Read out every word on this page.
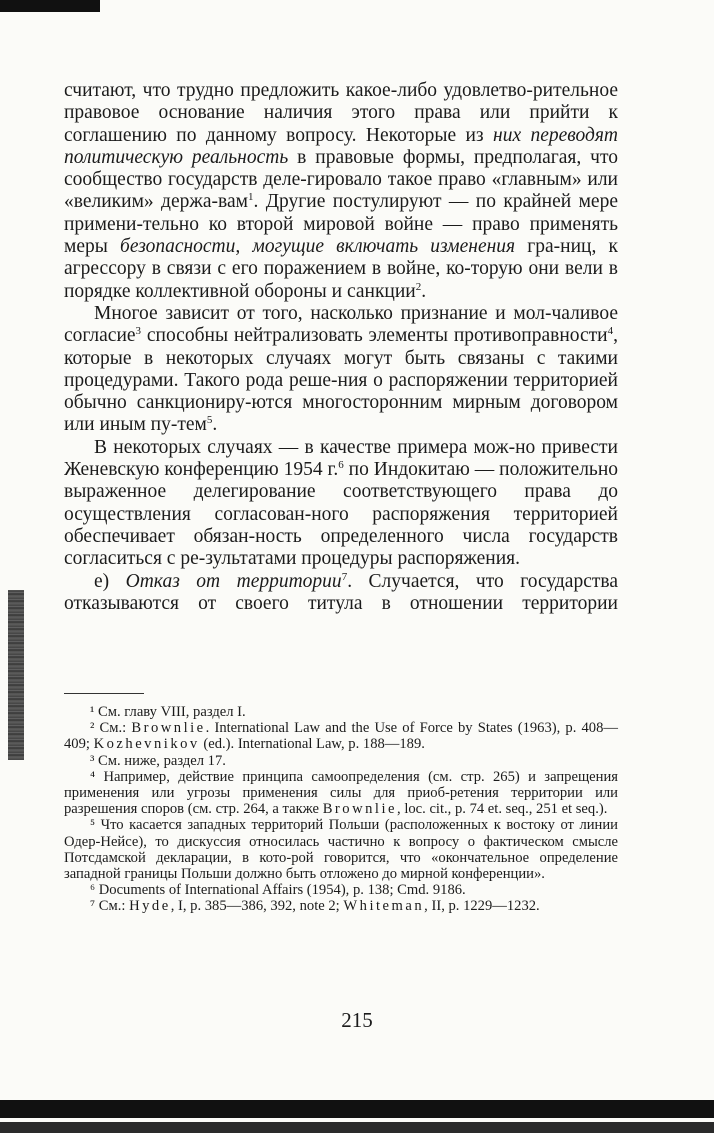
считают, что трудно предложить какое-либо удовлетво-рительное правовое основание наличия этого права или прийти к соглашению по данному вопросу. Некоторые из них переводят политическую реальность в правовые формы, предполагая, что сообщество государств деле-гировало такое право «главным» или «великим» держа-вам$^1$. Другие постулируют — по крайней мере примени-тельно ко второй мировой войне — право применять меры безопасности, могущие включать изменения гра-ниц, к агрессору в связи с его поражением в войне, ко-торую они вели в порядке коллективной обороны и санкции$^2$.

Многое зависит от того, насколько признание и мол-чаливое согласие$^3$ способны нейтрализовать элементы противоправности$^4$, которые в некоторых случаях могут быть связаны с такими процедурами. Такого рода реше-ния о распоряжении территорией обычно санкциониру-ются многосторонним мирным договором или иным пу-тем$^5$.

В некоторых случаях — в качестве примера мож-но привести Женевскую конференцию 1954 г.$^6$ по Индокитаю — положительно выраженное делегирование соответствующего права до осуществления согласован-ного распоряжения территорией обеспечивает обязан-ность определенного числа государств согласиться с ре-зультатами процедуры распоряжения.

е) Отказ от территории$^7$. Случается, что государства отказываются от своего титула в отношении территории

¹ См. главу VIII, раздел I.

² См.: Brownlie. International Law and the Use of Force by States (1963), p. 408—409; Kozhevnikov (ed.). International Law, p. 188—189.

³ См. ниже, раздел 17.

⁴ Например, действие принципа самоопределения (см. стр. 265) и запрещения применения или угрозы применения силы для приоб-ретения территории или разрешения споров (см. стр. 264, а также Brownlie, loc. cit., p. 74 et. seq., 251 et seq.).

⁵ Что касается западных территорий Польши (расположенных к востоку от линии Одер-Нейсе), то дискуссия относилась частично к вопросу о фактическом смысле Потсдамской декларации, в кото-рой говорится, что «окончательное определение западной границы Польши должно быть отложено до мирной конференции».

⁶ Documents of International Affairs (1954), p. 138; Cmd. 9186.

⁷ См.: Hyde, I, p. 385—386, 392, note 2; Whiteman, II, p. 1229—1232.

215
